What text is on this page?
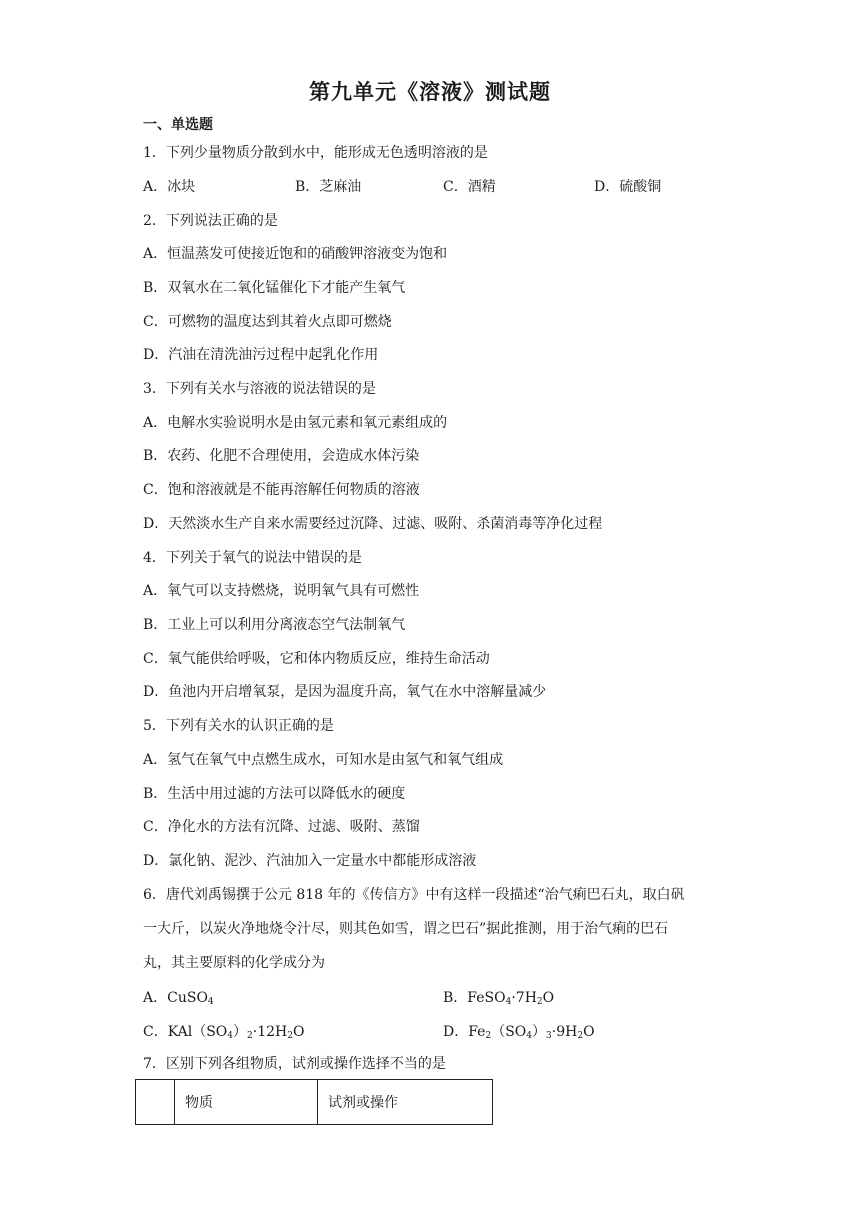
第九单元《溶液》测试题
一、单选题
1．下列少量物质分散到水中，能形成无色透明溶液的是
A．冰块	B．芝麻油	C．酒精	D．硫酸铜
2．下列说法正确的是
A．恒温蒸发可使接近饱和的硝酸钾溶液变为饱和
B．双氧水在二氧化锰催化下才能产生氧气
C．可燃物的温度达到其着火点即可燃烧
D．汽油在清洗油污过程中起乳化作用
3．下列有关水与溶液的说法错误的是
A．电解水实验说明水是由氢元素和氧元素组成的
B．农药、化肥不合理使用，会造成水体污染
C．饱和溶液就是不能再溶解任何物质的溶液
D．天然淡水生产自来水需要经过沉降、过滤、吸附、杀菌消毒等净化过程
4．下列关于氧气的说法中错误的是
A．氧气可以支持燃烧，说明氧气具有可燃性
B．工业上可以利用分离液态空气法制氧气
C．氧气能供给呼吸，它和体内物质反应，维持生命活动
D．鱼池内开启增氧泵，是因为温度升高，氧气在水中溶解量减少
5．下列有关水的认识正确的是
A．氢气在氧气中点燃生成水，可知水是由氢气和氧气组成
B．生活中用过滤的方法可以降低水的硬度
C．净化水的方法有沉降、过滤、吸附、蒸馏
D．氯化钠、泥沙、汽油加入一定量水中都能形成溶液
6．唐代刘禹锡撰于公元 818 年的《传信方》中有这样一段描述“治气痢巴石丸，取白矾
一大斤，以炭火净地烧令汁尽，则其色如雪，谓之巴石”据此推测，用于治气痢的巴石
丸，其主要原料的化学成分为
A．CuSO$_4$	B．$FeSO_4\cdot 7H_2O$
C．$KAl(SO_4)_2\cdot 12H_2O$	D．$Fe_2(SO_4)_3\cdot 9H_2O$
7．区别下列各组物质，试剂或操作选择不当的是
	物质	试剂或操作
